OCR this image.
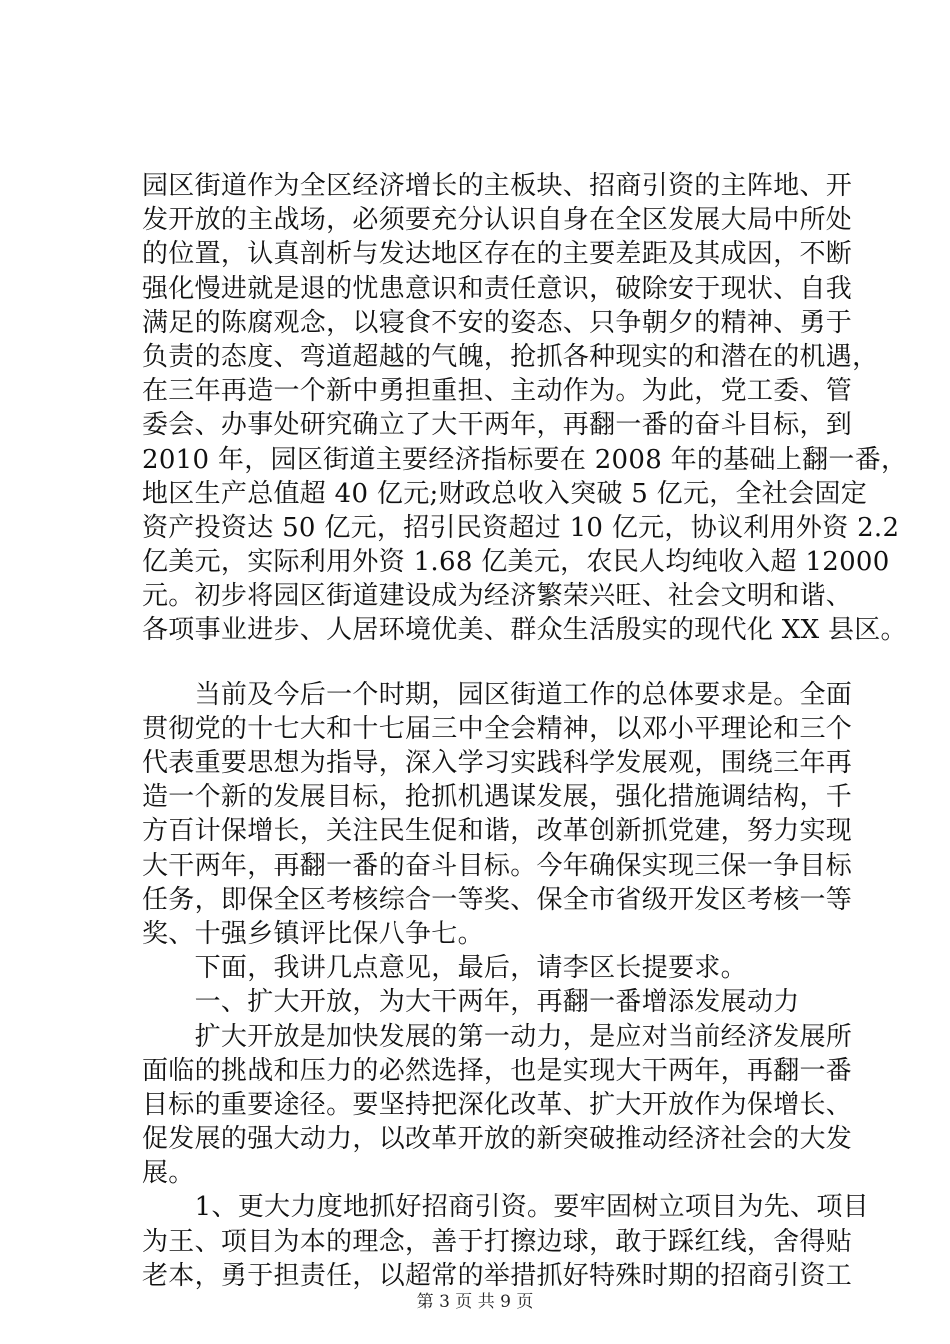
园区街道作为全区经济增长的主板块、招商引资的主阵地、开
发开放的主战场，必须要充分认识自身在全区发展大局中所处
的位置，认真剖析与发达地区存在的主要差距及其成因，不断
强化慢进就是退的忧患意识和责任意识，破除安于现状、自我
满足的陈腐观念，以寝食不安的姿态、只争朝夕的精神、勇于
负责的态度、弯道超越的气魄，抢抓各种现实的和潜在的机遇，
在三年再造一个新中勇担重担、主动作为。为此，党工委、管
委会、办事处研究确立了大干两年，再翻一番的奋斗目标，到
2010 年，园区街道主要经济指标要在 2008 年的基础上翻一番，
地区生产总值超 40 亿元;财政总收入突破 5 亿元，全社会固定
资产投资达 50 亿元，招引民资超过 10 亿元，协议利用外资 2.2
亿美元，实际利用外资 1.68 亿美元，农民人均纯收入超 12000
元。初步将园区街道建设成为经济繁荣兴旺、社会文明和谐、
各项事业进步、人居环境优美、群众生活殷实的现代化 XX 县区。
　　当前及今后一个时期，园区街道工作的总体要求是。全面
贯彻党的十七大和十七届三中全会精神，以邓小平理论和三个
代表重要思想为指导，深入学习实践科学发展观，围绕三年再
造一个新的发展目标，抢抓机遇谋发展，强化措施调结构，千
方百计保增长，关注民生促和谐，改革创新抓党建，努力实现
大干两年，再翻一番的奋斗目标。今年确保实现三保一争目标
任务，即保全区考核综合一等奖、保全市省级开发区考核一等
奖、十强乡镇评比保八争七。
　　下面，我讲几点意见，最后，请李区长提要求。
　　一、扩大开放，为大干两年，再翻一番增添发展动力
　　扩大开放是加快发展的第一动力，是应对当前经济发展所
面临的挑战和压力的必然选择，也是实现大干两年，再翻一番
目标的重要途径。要坚持把深化改革、扩大开放作为保增长、
促发展的强大动力，以改革开放的新突破推动经济社会的大发
展。
　　1、更大力度地抓好招商引资。要牢固树立项目为先、项目
为王、项目为本的理念，善于打擦边球，敢于踩红线，舍得贴
老本，勇于担责任，以超常的举措抓好特殊时期的招商引资工
第 3 页 共 9 页
